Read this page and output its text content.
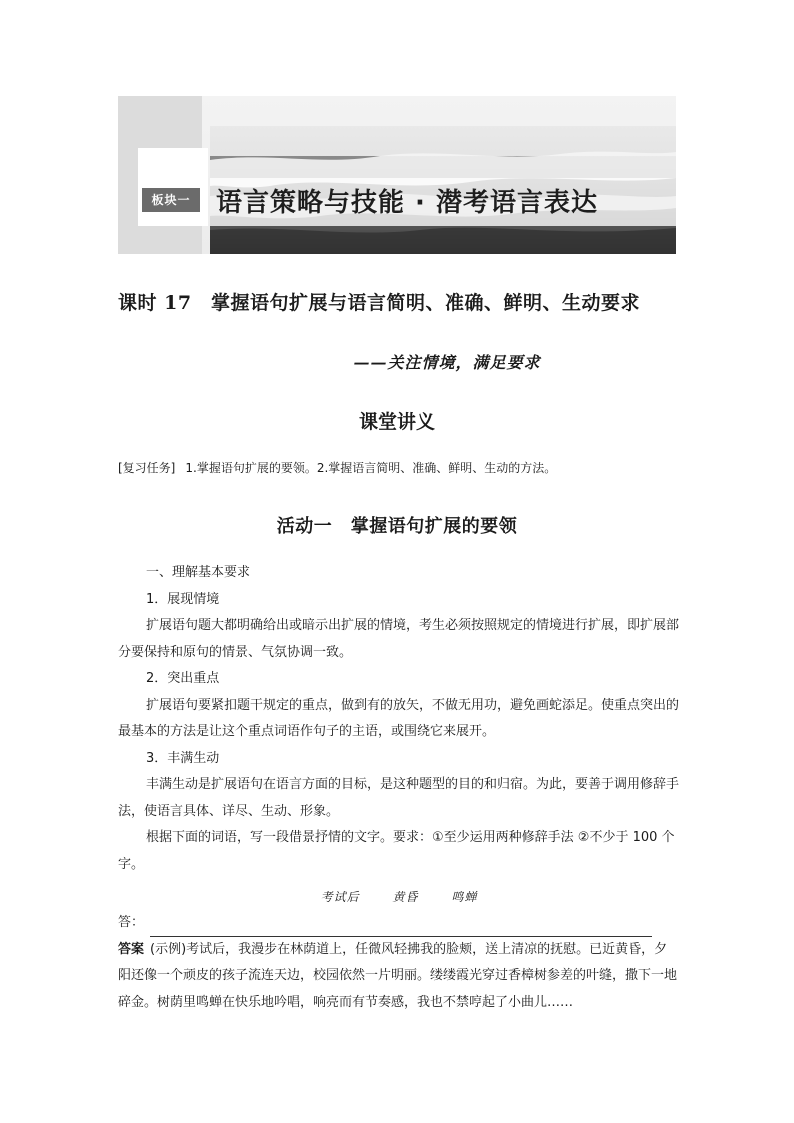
板块一 语言策略与技能 · 潜考语言表达
课时 17　掌握语句扩展与语言简明、准确、鲜明、生动要求
——关注情境，满足要求
课堂讲义
[复习任务] 1.掌握语句扩展的要领。2.掌握语言简明、准确、鲜明、生动的方法。
活动一　掌握语句扩展的要领

一、理解基本要求

1．展现情境

扩展语句题大都明确给出或暗示出扩展的情境，考生必须按照规定的情境进行扩展，即扩展部分要保持和原句的情景、气氛协调一致。

2．突出重点

扩展语句要紧扣题干规定的重点，做到有的放矢，不做无用功，避免画蛇添足。使重点突出的最基本的方法是让这个重点词语作句子的主语，或围绕它来展开。

3．丰满生动

丰满生动是扩展语句在语言方面的目标，是这种题型的目的和归宿。为此，要善于调用修辞手法，使语言具体、详尽、生动、形象。

根据下面的词语，写一段借景抒情的文字。要求：①至少运用两种修辞手法 ②不少于 100 个字。

考试后	黄昏	鸣蝉

答：

答案 (示例)考试后，我漫步在林荫道上，任微风轻拂我的脸颊，送上清凉的抚慰。已近黄昏，夕阳还像一个顽皮的孩子流连天边，校园依然一片明丽。缕缕霞光穿过香樟树参差的叶缝，撒下一地碎金。树荫里鸣蝉在快乐地吟唱，响亮而有节奏感，我也不禁哼起了小曲儿……
